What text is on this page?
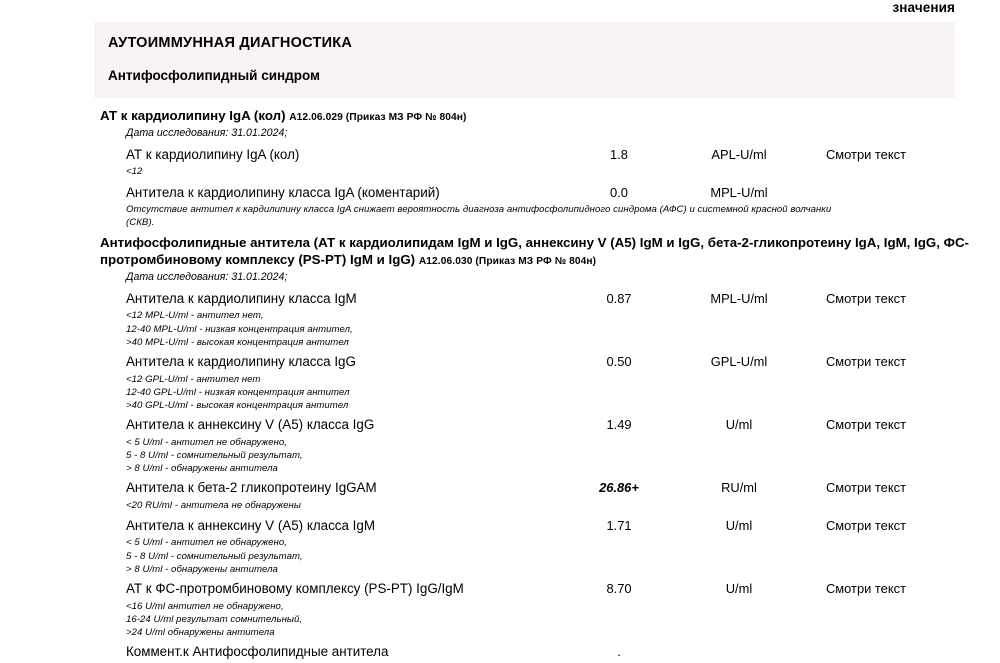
значения
АУТОИММУННАЯ ДИАГНОСТИКА
Антифосфолипидный синдром
АТ к кардиолипину IgA (кол) A12.06.029 (Приказ МЗ РФ № 804н)
Дата исследования: 31.01.2024;
АТ к кардиолипину IgA (кол)	1.8	APL-U/ml	Смотри текст
<12
Антитела к кардиолипину класса IgA (коментарий)	0.0	MPL-U/ml
Отсутствие антител к кардилипину класса IgA снижает вероятность диагноза антифосфолипидного синдрома (АФС) и системной красной волчанки
(СКВ).
Антифосфолипидные антитела (АТ к кардиолипидам IgM и IgG, аннексину V (A5) IgM и IgG, бета-2-гликопротеину IgA, IgM, IgG, ФС-протромбиновому комплексу (PS-PT) IgM и IgG) A12.06.030 (Приказ МЗ РФ № 804н)
Дата исследования: 31.01.2024;
Антитела к кардиолипину класса IgM	0.87	MPL-U/ml	Смотри текст
<12 MPL-U/ml - антител нет,
12-40 MPL-U/ml - низкая концентрация антител,
>40 MPL-U/ml - высокая концентрация антител
Антитела к кардиолипину класса IgG	0.50	GPL-U/ml	Смотри текст
<12 GPL-U/ml - антител нет
12-40 GPL-U/ml - низкая концентрация антител
>40 GPL-U/ml - высокая концентрация антител
Антитела к аннексину V (A5) класса IgG	1.49	U/ml	Смотри текст
< 5 U/ml - антител не обнаружено,
5 - 8 U/ml - сомнительный результат,
> 8 U/ml - обнаружены антитела
Антитела к бета-2 гликопротеину IgGAM	26.86+	RU/ml	Смотри текст
<20 RU/ml - антитела не обнаружены
Антитела к аннексину V (A5) класса IgM	1.71	U/ml	Смотри текст
< 5 U/ml - антител не обнаружено,
5 - 8 U/ml - сомнительный результат,
> 8 U/ml - обнаружены антитела
АТ к ФС-протромбиновому комплексу (PS-PT) IgG/IgM	8.70	U/ml	Смотри текст
<16 U/ml антител не обнаружено,
16-24 U/ml результат сомнительный,
>24 U/ml обнаружены антитела
Коммент.к Антифосфолипидные антитела	.
